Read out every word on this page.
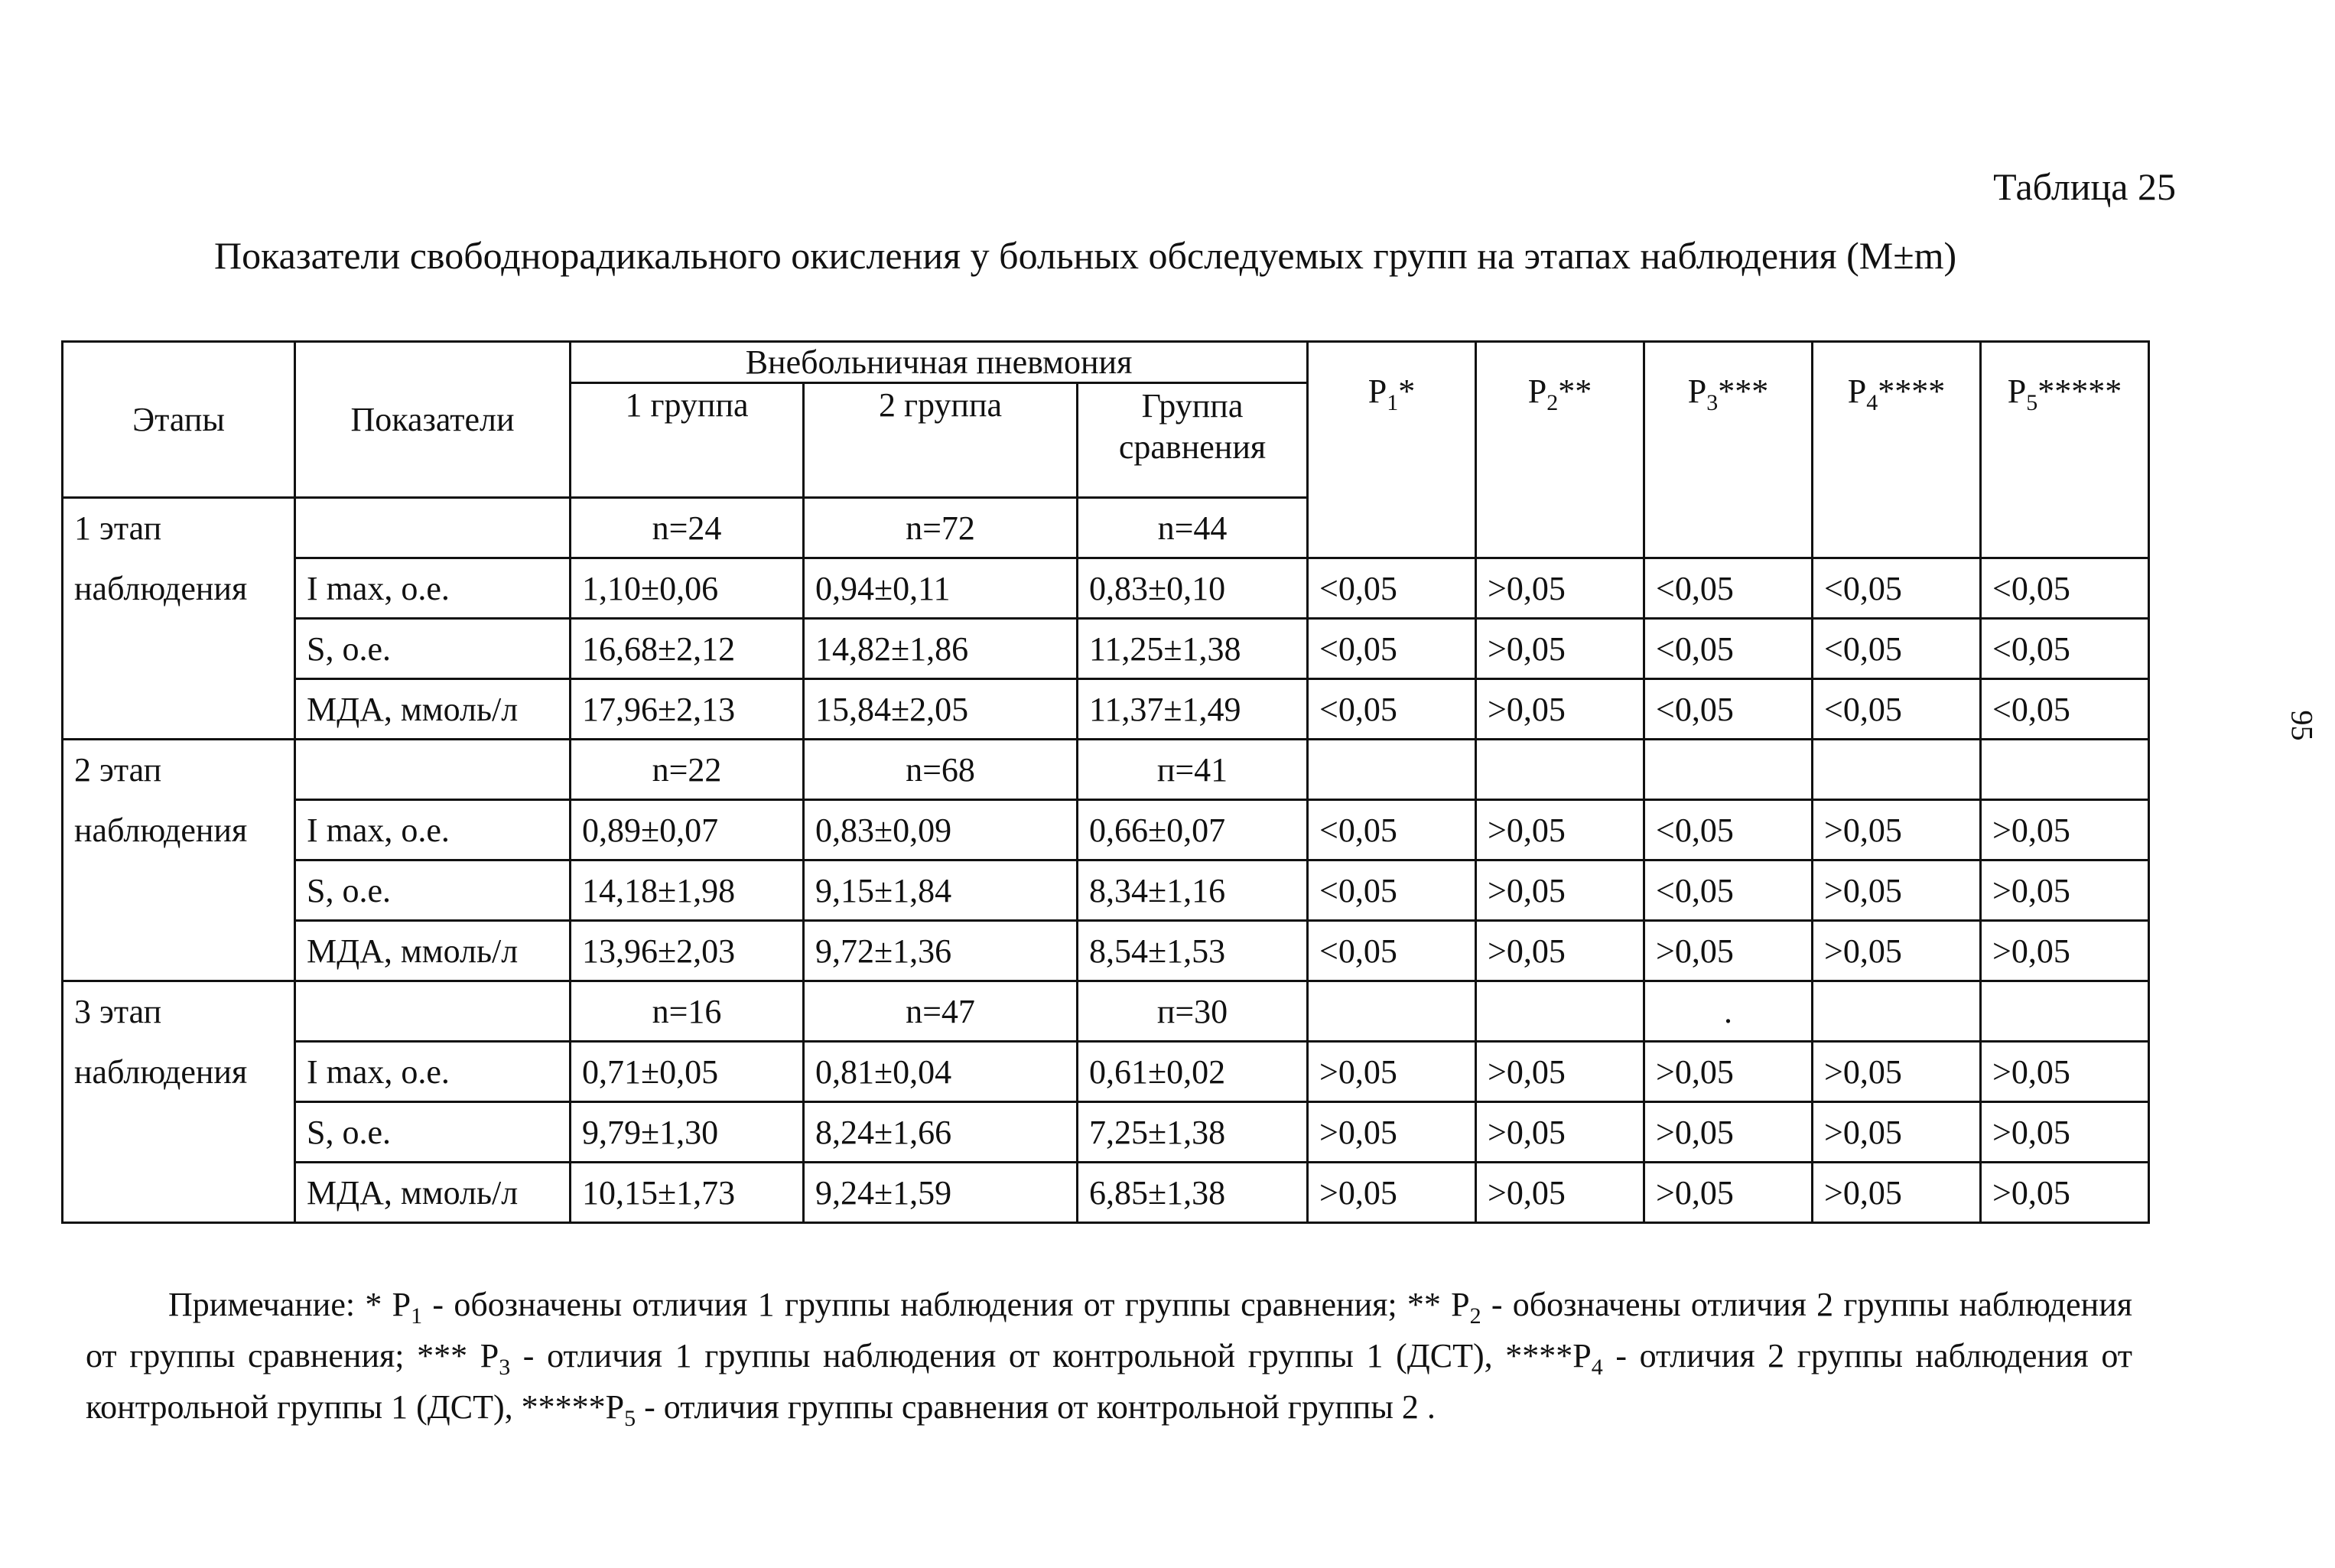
Таблица 25
Показатели свободнорадикального окисления у больных обследуемых групп на этапах наблюдения (M±m)
95
Этапы	Показатели	Внебольничная пневмония			$P_1*$	$P_2**$	$P_3***$	$P_4****$	$P_5*****$
		1 группа	2 группа	Группа
сравнения					
1 этап		n=24	n=72	n=44					
наблюдения	I max, о.е.	1,10±0,06	0,94±0,11	0,83±0,10	<0,05	>0,05	<0,05	<0,05	<0,05
	S, о.е.	16,68±2,12	14,82±1,86	11,25±1,38	<0,05	>0,05	<0,05	<0,05	<0,05
	МДА, ммоль/л	17,96±2,13	15,84±2,05	11,37±1,49	<0,05	>0,05	<0,05	<0,05	<0,05
2 этап		n=22	n=68	п=41					
наблюдения	I max, о.е.	0,89±0,07	0,83±0,09	0,66±0,07	<0,05	>0,05	<0,05	>0,05	>0,05
	S, о.е.	14,18±1,98	9,15±1,84	8,34±1,16	<0,05	>0,05	<0,05	>0,05	>0,05
	МДА, ммоль/л	13,96±2,03	9,72±1,36	8,54±1,53	<0,05	>0,05	>0,05	>0,05	>0,05
3 этап		n=16	n=47	п=30			.		
наблюдения	I max, о.е.	0,71±0,05	0,81±0,04	0,61±0,02	>0,05	>0,05	>0,05	>0,05	>0,05
	S, о.е.	9,79±1,30	8,24±1,66	7,25±1,38	>0,05	>0,05	>0,05	>0,05	>0,05
	МДА, ммоль/л	10,15±1,73	9,24±1,59	6,85±1,38	>0,05	>0,05	>0,05	>0,05	>0,05
Примечание: * $P_1$ - обозначены отличия 1 группы наблюдения от группы сравнения; ** $P_2$ - обозначены отличия 2 группы наблюдения от группы сравнения; *** $P_3$ - отличия 1 группы наблюдения от контрольной группы 1 (ДСТ), $****P_4$ - отличия 2 группы наблюдения от контрольной группы 1 (ДСТ), $*****P_5$ - отличия группы сравнения от контрольной группы 2 .
